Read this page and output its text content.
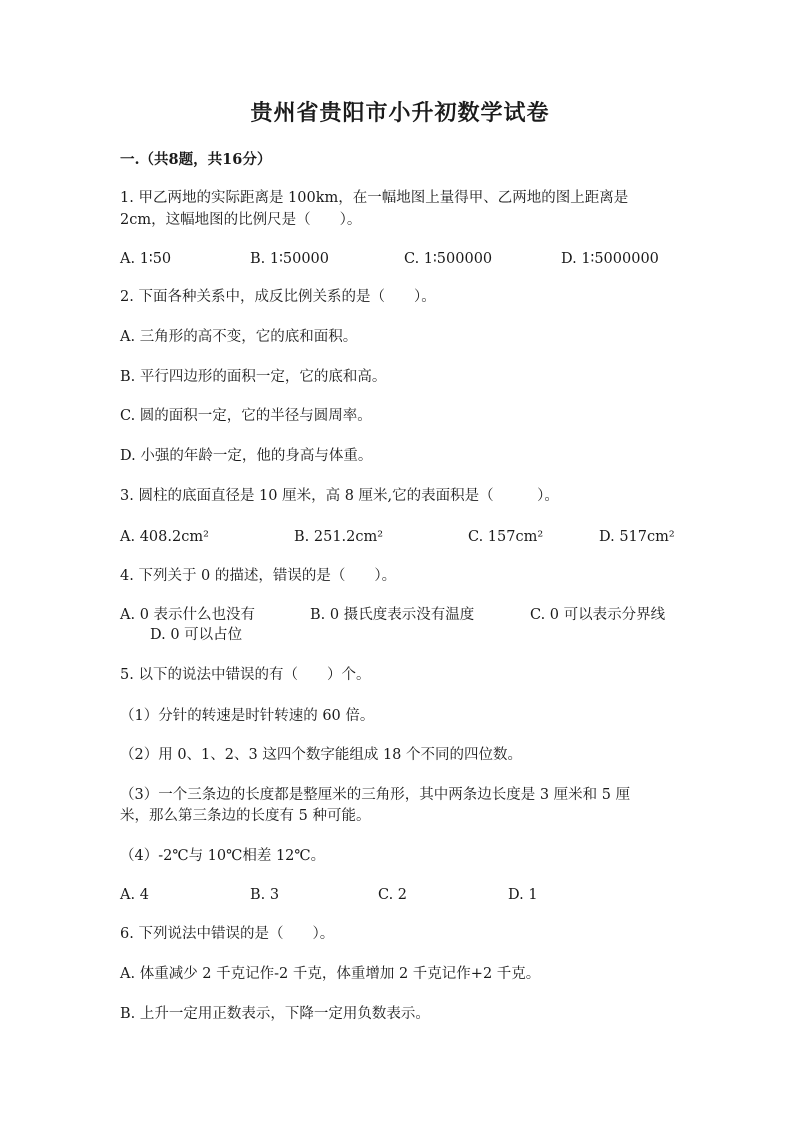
贵州省贵阳市小升初数学试卷
一.（共8题，共16分）
1. 甲乙两地的实际距离是 100km，在一幅地图上量得甲、乙两地的图上距离是
2cm，这幅地图的比例尺是（　　）。
A. 1∶50	B. 1∶50000	C. 1∶500000	D. 1∶5000000
2. 下面各种关系中，成反比例关系的是（　　）。
A. 三角形的高不变，它的底和面积。
B. 平行四边形的面积一定，它的底和高。
C. 圆的面积一定，它的半径与圆周率。
D. 小强的年龄一定，他的身高与体重。
3. 圆柱的底面直径是 10 厘米，高 8 厘米,它的表面积是（　　　）。
A. 408.2cm²	B. 251.2cm²	C. 157cm²	D. 517cm²
4. 下列关于 0 的描述，错误的是（　　）。
A. 0 表示什么也没有	B. 0 摄氏度表示没有温度	C. 0 可以表示分界线
D. 0 可以占位
5. 以下的说法中错误的有（　　）个。
（1）分针的转速是时针转速的 60 倍。
（2）用 0、1、2、3 这四个数字能组成 18 个不同的四位数。
（3）一个三条边的长度都是整厘米的三角形，其中两条边长度是 3 厘米和 5 厘
米，那么第三条边的长度有 5 种可能。
（4）-2℃与 10℃相差 12℃。
A. 4	B. 3	C. 2	D. 1
6. 下列说法中错误的是（　　）。
A. 体重减少 2 千克记作-2 千克，体重增加 2 千克记作+2 千克。
B. 上升一定用正数表示，下降一定用负数表示。
